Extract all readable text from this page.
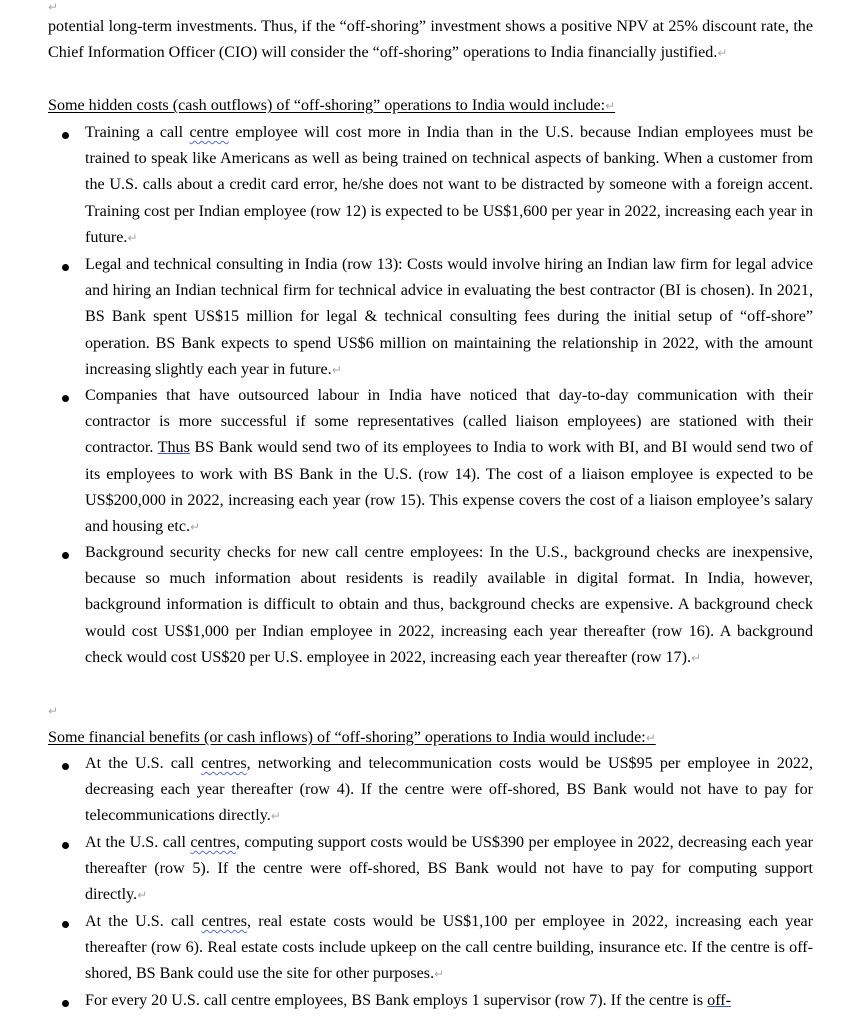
↵

potential long-term investments. Thus, if the “off-shoring” investment shows a positive NPV at 25% discount rate, the Chief Information Officer (CIO) will consider the “off-shoring” operations to India financially justified.↵

Some hidden costs (cash outflows) of “off-shoring” operations to India would include:↵

Training a call centre employee will cost more in India than in the U.S. because Indian employees must be trained to speak like Americans as well as being trained on technical aspects of banking. When a customer from the U.S. calls about a credit card error, he/she does not want to be distracted by someone with a foreign accent. Training cost per Indian employee (row 12) is expected to be US$1,600 per year in 2022, increasing each year in future.↵

Legal and technical consulting in India (row 13): Costs would involve hiring an Indian law firm for legal advice and hiring an Indian technical firm for technical advice in evaluating the best contractor (BI is chosen). In 2021, BS Bank spent US$15 million for legal & technical consulting fees during the initial setup of “off-shore” operation. BS Bank expects to spend US$6 million on maintaining the relationship in 2022, with the amount increasing slightly each year in future.↵

Companies that have outsourced labour in India have noticed that day-to-day communication with their contractor is more successful if some representatives (called liaison employees) are stationed with their contractor. Thus BS Bank would send two of its employees to India to work with BI, and BI would send two of its employees to work with BS Bank in the U.S. (row 14). The cost of a liaison employee is expected to be US$200,000 in 2022, increasing each year (row 15). This expense covers the cost of a liaison employee’s salary and housing etc.↵

Background security checks for new call centre employees: In the U.S., background checks are inexpensive, because so much information about residents is readily available in digital format. In India, however, background information is difficult to obtain and thus, background checks are expensive. A background check would cost US$1,000 per Indian employee in 2022, increasing each year thereafter (row 16). A background check would cost US$20 per U.S. employee in 2022, increasing each year thereafter (row 17).↵

↵

Some financial benefits (or cash inflows) of “off-shoring” operations to India would include:↵

At the U.S. call centres, networking and telecommunication costs would be US$95 per employee in 2022, decreasing each year thereafter (row 4). If the centre were off-shored, BS Bank would not have to pay for telecommunications directly.↵

At the U.S. call centres, computing support costs would be US$390 per employee in 2022, decreasing each year thereafter (row 5). If the centre were off-shored, BS Bank would not have to pay for computing support directly.↵

At the U.S. call centres, real estate costs would be US$1,100 per employee in 2022, increasing each year thereafter (row 6). Real estate costs include upkeep on the call centre building, insurance etc. If the centre is off-shored, BS Bank could use the site for other purposes.↵

For every 20 U.S. call centre employees, BS Bank employs 1 supervisor (row 7). If the centre is off-
